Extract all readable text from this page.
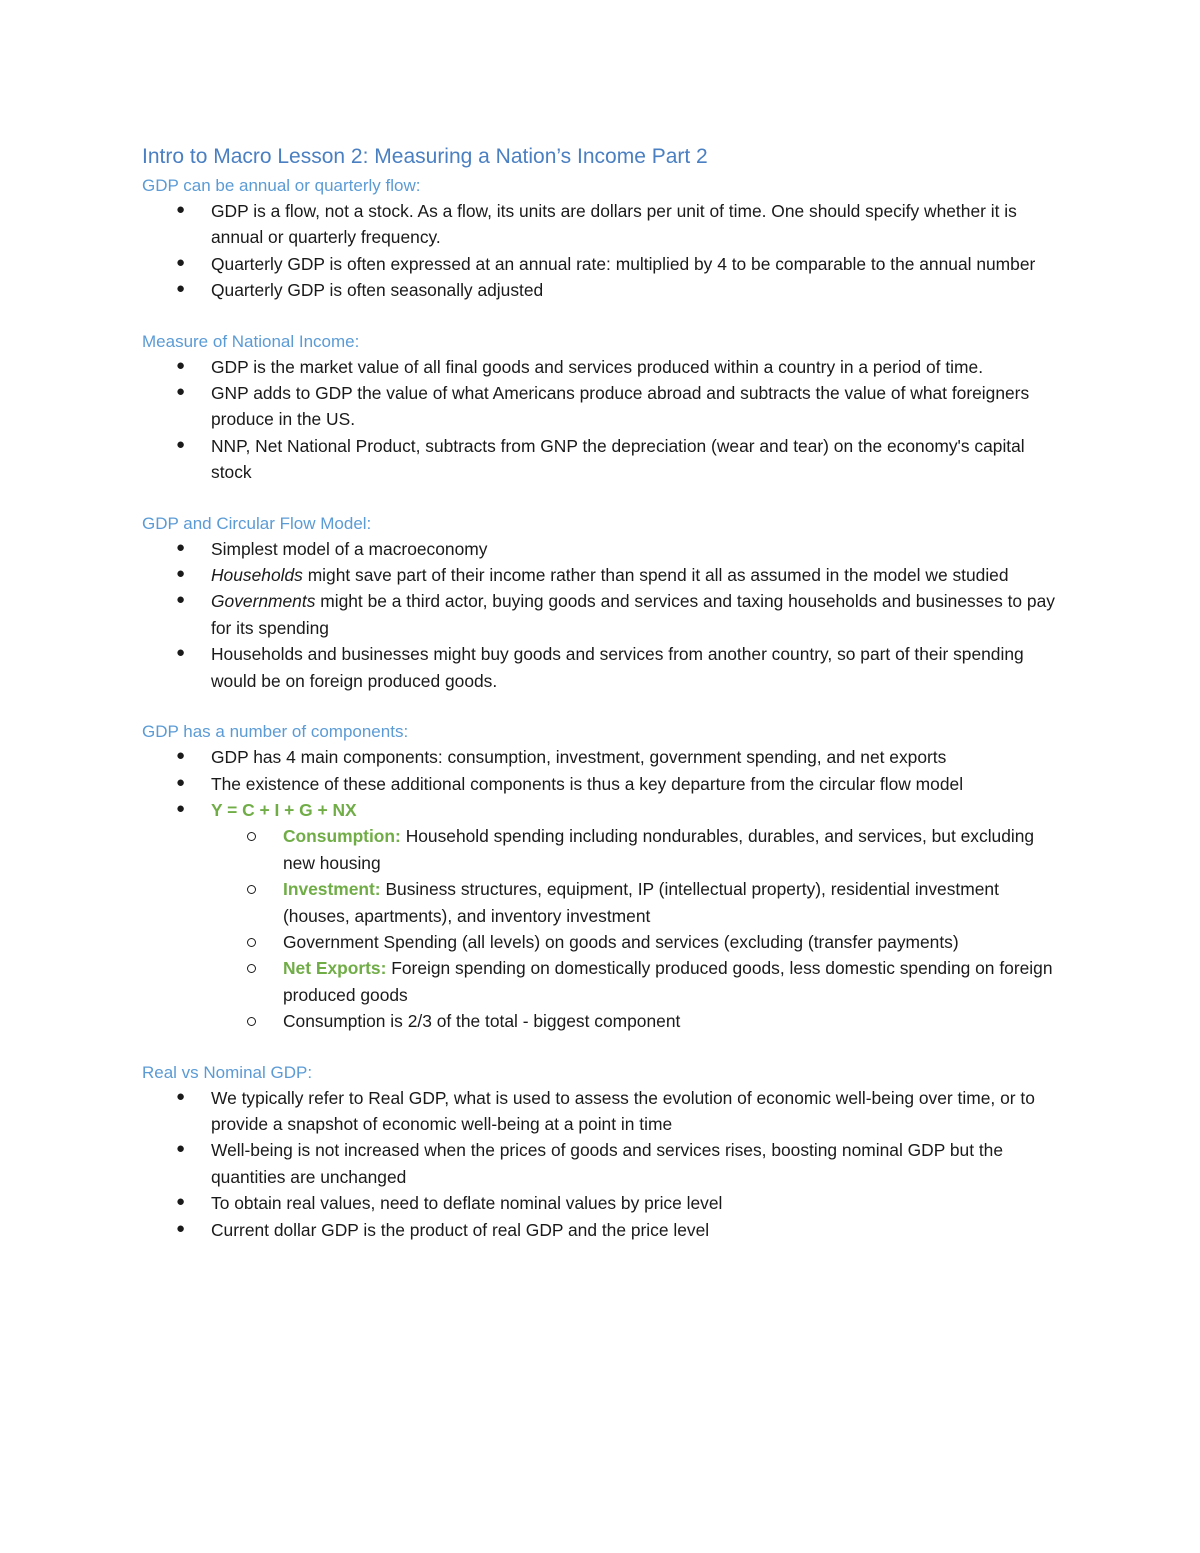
Intro to Macro Lesson 2: Measuring a Nation’s Income Part 2
GDP can be annual or quarterly flow:
● GDP is a flow, not a stock. As a flow, its units are dollars per unit of time. One should specify whether it is annual or quarterly frequency.
● Quarterly GDP is often expressed at an annual rate: multiplied by 4 to be comparable to the annual number
● Quarterly GDP is often seasonally adjusted
Measure of National Income:
● GDP is the market value of all final goods and services produced within a country in a period of time.
● GNP adds to GDP the value of what Americans produce abroad and subtracts the value of what foreigners produce in the US.
● NNP, Net National Product, subtracts from GNP the depreciation (wear and tear) on the economy's capital stock
GDP and Circular Flow Model:
● Simplest model of a macroeconomy
● Households might save part of their income rather than spend it all as assumed in the model we studied
● Governments might be a third actor, buying goods and services and taxing households and businesses to pay for its spending
● Households and businesses might buy goods and services from another country, so part of their spending would be on foreign produced goods.
GDP has a number of components:
● GDP has 4 main components: consumption, investment, government spending, and net exports
● The existence of these additional components is thus a key departure from the circular flow model
● Y = C + I + G + NX
Consumption: Household spending including nondurables, durables, and services, but excluding new housing
Investment: Business structures, equipment, IP (intellectual property), residential investment (houses, apartments), and inventory investment
Government Spending (all levels) on goods and services (excluding (transfer payments)
Net Exports: Foreign spending on domestically produced goods, less domestic spending on foreign produced goods
Consumption is 2/3 of the total - biggest component
Real vs Nominal GDP:
● We typically refer to Real GDP, what is used to assess the evolution of economic well-being over time, or to provide a snapshot of economic well-being at a point in time
● Well-being is not increased when the prices of goods and services rises, boosting nominal GDP but the quantities are unchanged
● To obtain real values, need to deflate nominal values by price level
● Current dollar GDP is the product of real GDP and the price level
